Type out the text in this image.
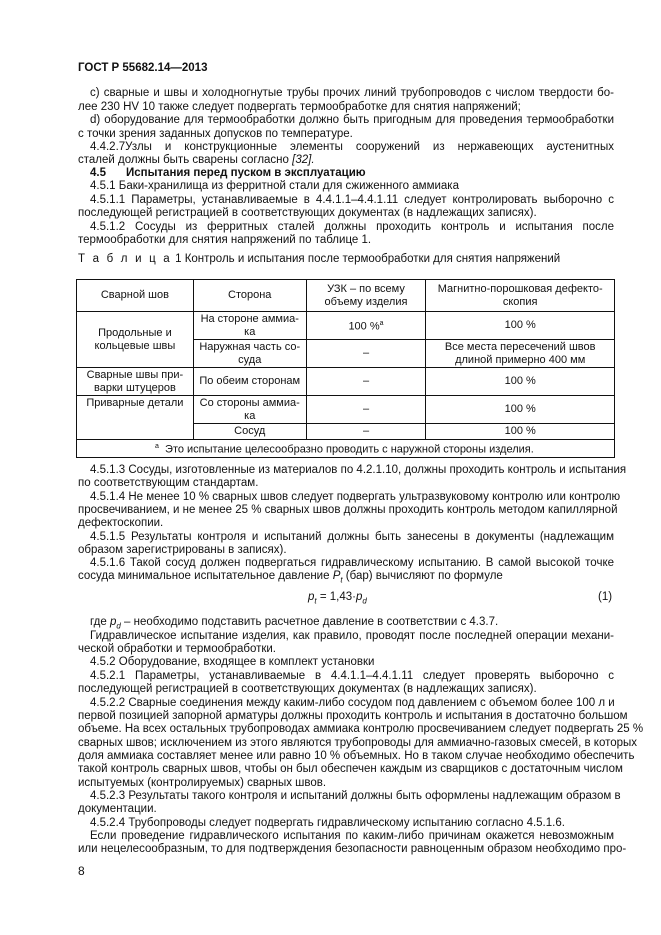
ГОСТ Р 55682.14—2013
c) сварные и швы и холодногнутые трубы прочих линий трубопроводов с числом твердости бо-
лее 230 HV 10 также следует подвергать термообработке для снятия напряжений;
d) оборудование для термообработки должно быть пригодным для проведения термообработки
с точки зрения заданных допусков по температуре.
4.4.2.7Узлы и конструкционные элементы сооружений из нержавеющих аустенитных
сталей должны быть сварены согласно [32].
4.5 Испытания перед пуском в эксплуатацию
4.5.1 Баки-хранилища из ферритной стали для сжиженного аммиака
4.5.1.1 Параметры, устанавливаемые в 4.4.1.1–4.4.1.11 следует контролировать выборочно с
последующей регистрацией в соответствующих документах (в надлежащих записях).
4.5.1.2 Сосуды из ферритных сталей должны проходить контроль и испытания после
термообработки для снятия напряжений по таблице 1.
Т а б л и ц а 1 Контроль и испытания после термообработки для снятия напряжений
Сварной шов	Сторона	УЗК – по всему объему изделия	Магнитно-порошковая дефекто-скопия
Продольные и кольцевые швы	На стороне аммиа-ка	100 %$^a$	100 %
	Наружная часть со-суда	–	Все места пересечений швов длиной примерно 400 мм
Сварные швы при-варки штуцеров	По обеим сторонам	–	100 %
Приварные детали	Со стороны аммиа-ка	–	100 %
	Сосуд	–	100 %
$^a$ Это испытание целесообразно проводить с наружной стороны изделия.			
4.5.1.3 Сосуды, изготовленные из материалов по 4.2.1.10, должны проходить контроль и испытания
по соответствующим стандартам.
4.5.1.4 Не менее 10 % сварных швов следует подвергать ультразвуковому контролю или контролю
просвечиванием, и не менее 25 % сварных швов должны проходить контроль методом капиллярной
дефектоскопии.
4.5.1.5 Результаты контроля и испытаний должны быть занесены в документы (надлежащим
образом зарегистрированы в записях).
4.5.1.6 Такой сосуд должен подвергаться гидравлическому испытанию. В самой высокой точке
сосуда минимальное испытательное давление $P_t$ (бар) вычисляют по формуле
$p_t = 1,43\cdot p_d$	(1)
где $p_d$ – необходимо подставить расчетное давление в соответствии с 4.3.7.
Гидравлическое испытание изделия, как правило, проводят после последней операции механи-
ческой обработки и термообработки.
4.5.2 Оборудование, входящее в комплект установки
4.5.2.1 Параметры, устанавливаемые в 4.4.1.1–4.4.1.11 следует проверять выборочно с
последующей регистрацией в соответствующих документах (в надлежащих записях).
4.5.2.2 Сварные соединения между каким-либо сосудом под давлением с объемом более 100 л и
первой позицией запорной арматуры должны проходить контроль и испытания в достаточно большом
объеме. На всех остальных трубопроводах аммиака контролю просвечиванием следует подвергать 25 %
сварных швов; исключением из этого являются трубопроводы для аммиачно-газовых смесей, в которых
доля аммиака составляет менее или равно 10 % объемных. Но в таком случае необходимо обеспечить
такой контроль сварных швов, чтобы он был обеспечен каждым из сварщиков с достаточным числом
испытуемых (контролируемых) сварных швов.
4.5.2.3 Результаты такого контроля и испытаний должны быть оформлены надлежащим образом в
документации.
4.5.2.4 Трубопроводы следует подвергать гидравлическому испытанию согласно 4.5.1.6.
Если проведение гидравлического испытания по каким-либо причинам окажется невозможным
или нецелесообразным, то для подтверждения безопасности равноценным образом необходимо про-
8
